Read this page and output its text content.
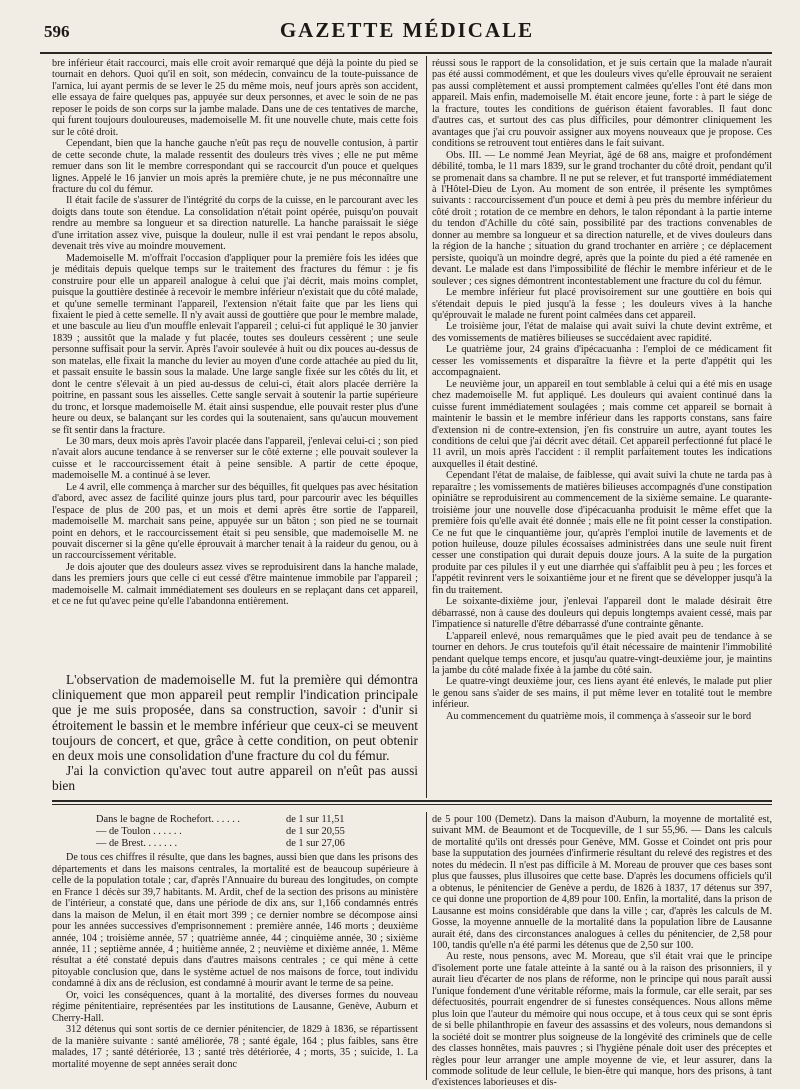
596	GAZETTE MÉDICALE

bre inférieur était raccourci, mais elle croit avoir remarqué que déjà la pointe du pied se tournait en dehors. Quoi qu'il en soit, son médecin, convaincu de la toute-puissance de l'arnica, lui ayant permis de se lever le 25 du même mois, neuf jours après son accident, elle essaya de faire quelques pas, appuyée sur deux personnes, et avec le soin de ne pas reposer le poids de son corps sur la jambe malade. Dans une de ces tentatives de marche, qui furent toujours douloureuses, mademoiselle M. fit une nouvelle chute, mais cette fois sur le côté droit.

Cependant, bien que la hanche gauche n'eût pas reçu de nouvelle contusion, à partir de cette seconde chute, la malade ressentit des douleurs très vives ; elle ne put même remuer dans son lit le membre correspondant qui se raccourcit d'un pouce et quelques lignes. Appelé le 16 janvier un mois après la première chute, je ne pus méconnaître une fracture du col du fémur.

Il était facile de s'assurer de l'intégrité du corps de la cuisse, en le parcourant avec les doigts dans toute son étendue. La consolidation n'était point opérée, puisqu'on pouvait rendre au membre sa longueur et sa direction naturelle. La hanche paraissait le siége d'une irritation assez vive, puisque la douleur, nulle il est vrai pendant le repos absolu, devenait très vive au moindre mouvement.

Mademoiselle M. m'offrait l'occasion d'appliquer pour la première fois les idées que je méditais depuis quelque temps sur le traitement des fractures du fémur : je fis construire pour elle un appareil analogue à celui que j'ai décrit, mais moins complet, puisque la gouttière destinée à recevoir le membre inférieur n'existait que du côté malade, et qu'une semelle terminant l'appareil, l'extension n'était faite que par les liens qui fixaient le pied à cette semelle. Il n'y avait aussi de gouttière que pour le membre malade, et une bascule au lieu d'un mouffle enlevait l'appareil ; celui-ci fut appliqué le 30 janvier 1839 ; aussitôt que la malade y fut placée, toutes ses douleurs cessèrent ; une seule personne suffisait pour la servir. Après l'avoir soulevée à huit ou dix pouces au-dessus de son matelas, elle fixait la manche du levier au moyen d'une corde attachée au pied du lit, et passait ensuite le bassin sous la malade. Une large sangle fixée sur les côtés du lit, et dont le centre s'élevait à un pied au-dessus de celui-ci, était alors placée derrière la poitrine, en passant sous les aisselles. Cette sangle servait à soutenir la partie supérieure du tronc, et lorsque mademoiselle M. était ainsi suspendue, elle pouvait rester plus d'une heure ou deux, se balançant sur les cordes qui la soutenaient, sans qu'aucun mouvement se fît sentir dans la fracture.

Le 30 mars, deux mois après l'avoir placée dans l'appareil, j'enlevai celui-ci ; son pied n'avait alors aucune tendance à se renverser sur le côté externe ; elle pouvait soulever la cuisse et le raccourcissement était à peine sensible. A partir de cette époque, mademoiselle M. a continué à se lever.

Le 4 avril, elle commença à marcher sur des béquilles, fit quelques pas avec hésitation d'abord, avec assez de facilité quinze jours plus tard, pour parcourir avec les béquilles l'espace de plus de 200 pas, et un mois et demi après être sortie de l'appareil, mademoiselle M. marchait sans peine, appuyée sur un bâton ; son pied ne se tournait point en dehors, et le raccourcissement était si peu sensible, que mademoiselle M. ne pouvait discerner si la gêne qu'elle éprouvait à marcher tenait à la raideur du genou, ou à un raccourcissement véritable.

Je dois ajouter que des douleurs assez vives se reproduisirent dans la hanche malade, dans les premiers jours que celle ci eut cessé d'être maintenue immobile par l'appareil ; mademoiselle M. calmait immédiatement ses douleurs en se replaçant dans cet appareil, et ce ne fut qu'avec peine qu'elle l'abandonna entièrement.

L'observation de mademoiselle M. fut la première qui démontra cliniquement que mon appareil peut remplir l'indication principale que je me suis proposée, dans sa construction, savoir : d'unir si étroitement le bassin et le membre inférieur que ceux-ci se meuvent toujours de concert, et que, grâce à cette condition, on peut obtenir en deux mois une consolidation d'une fracture du col du fémur.

J'ai la conviction qu'avec tout autre appareil on n'eût pas aussi bien

réussi sous le rapport de la consolidation, et je suis certain que la malade n'aurait pas été aussi commodément, et que les douleurs vives qu'elle éprouvait ne seraient pas aussi complètement et aussi promptement calmées qu'elles l'ont été dans mon appareil. Mais enfin, mademoiselle M. était encore jeune, forte : à part le siége de la fracture, toutes les conditions de guérison étaient favorables. Il faut donc d'autres cas, et surtout des cas plus difficiles, pour démontrer cliniquement les avantages que j'ai cru pouvoir assigner aux moyens nouveaux que je propose. Ces conditions se retrouvent tout entières dans le fait suivant.

Obs. III. — Le nommé Jean Meyriat, âgé de 68 ans, maigre et profondément débilité, tomba, le 11 mars 1839, sur le grand trochanter du côté droit, pendant qu'il se promenait dans sa chambre. Il ne put se relever, et fut transporté immédiatement à l'Hôtel-Dieu de Lyon. Au moment de son entrée, il présente les symptômes suivants : raccourcissement d'un pouce et demi à peu près du membre inférieur du côté droit ; rotation de ce membre en dehors, le talon répondant à la partie interne du tendon d'Achille du côté sain, possibilité par des tractions convenables de donner au membre sa longueur et sa direction naturelle, et de vives douleurs dans la région de la hanche ; situation du grand trochanter en arrière ; ce déplacement persiste, quoiqu'à un moindre degré, après que la pointe du pied a été ramenée en devant. Le malade est dans l'impossibilité de fléchir le membre inférieur et de le soulever ; ces signes démontrent incontestablement une fracture du col du fémur.

Le membre inférieur fut placé provisoirement sur une gouttière en bois qui s'étendait depuis le pied jusqu'à la fesse ; les douleurs vives à la hanche qu'éprouvait le malade ne furent point calmées dans cet appareil.

Le troisième jour, l'état de malaise qui avait suivi la chute devint extrême, et des vomissements de matières bilieuses se succédaient avec rapidité.

Le quatrième jour, 24 grains d'ipécacuanha : l'emploi de ce médicament fit cesser les vomissements et disparaître la fièvre et la perte d'appétit qui les accompagnaient.

Le neuvième jour, un appareil en tout semblable à celui qui a été mis en usage chez mademoiselle M. fut appliqué. Les douleurs qui avaient continué dans la cuisse furent immédiatement soulagées ; mais comme cet appareil se bornait à maintenir le bassin et le membre inférieur dans les rapports constans, sans faire d'extension ni de contre-extension, j'en fis construire un autre, ayant toutes les conditions de celui que j'ai décrit avec détail. Cet appareil perfectionné fut placé le 11 avril, un mois après l'accident : il remplit parfaitement toutes les indications auxquelles il était destiné.

Cependant l'état de malaise, de faiblesse, qui avait suivi la chute ne tarda pas à reparaître ; les vomissements de matières bilieuses accompagnés d'une constipation opiniâtre se reproduisirent au commencement de la sixième semaine. Le quarante-troisième jour une nouvelle dose d'ipécacuanha produisit le même effet que la première fois qu'elle avait été donnée ; mais elle ne fit point cesser la constipation. Ce ne fut que le cinquantième jour, qu'après l'emploi inutile de lavements et de potion huileuse, douze pilules écossaises administrées dans une seule nuit firent cesser une constipation qui durait depuis douze jours. A la suite de la purgation produite par ces pilules il y eut une diarrhée qui s'affaiblit peu à peu ; les forces et l'appétit revinrent vers le soixantième jour et ne firent que se développer jusqu'à la fin du traitement.

Le soixante-dixième jour, j'enlevai l'appareil dont le malade désirait être débarrassé, non à cause des douleurs qui depuis longtemps avaient cessé, mais par l'impatience si naturelle d'être débarrassé d'une contrainte gênante.

L'appareil enlevé, nous remarquâmes que le pied avait peu de tendance à se tourner en dehors. Je crus toutefois qu'il était nécessaire de maintenir l'immobilité pendant quelque temps encore, et jusqu'au quatre-vingt-deuxième jour, je maintins la jambe du côté malade fixée à la jambe du côté sain.

Le quatre-vingt deuxième jour, ces liens ayant été enlevés, le malade put plier le genou sans s'aider de ses mains, il put même lever en totalité tout le membre inférieur.

Au commencement du quatrième mois, il commença à s'asseoir sur le bord

Dans le bagne de Rochefort. . . . . .	de 1 sur 11,51
— de Toulon . . . . . .	de 1 sur 20,55
— de Brest. . . . . . .	de 1 sur 27,06

De tous ces chiffres il résulte, que dans les bagnes, aussi bien que dans les prisons des départements et dans les maisons centrales, la mortalité est de beaucoup supérieure à celle de la population totale ; car, d'après l'Annuaire du bureau des longitudes, on compte en France 1 décès sur 39,7 habitants. M. Ardit, chef de la section des prisons au ministère de l'intérieur, a constaté que, dans une période de dix ans, sur 1,166 condamnés entrés dans la maison de Melun, il en était mort 399 ; ce dernier nombre se décompose ainsi pour les années successives d'emprisonnement : première année, 146 morts ; deuxième année, 104 ; troisième année, 57 ; quatrième année, 44 ; cinquième année, 30 ; sixième année, 11 ; septième année, 4 ; huitième année, 2 ; neuvième et dixième année, 1. Même résultat a été constaté depuis dans d'autres maisons centrales ; ce qui mène à cette pitoyable conclusion que, dans le système actuel de nos maisons de force, tout individu condamné à dix ans de réclusion, est condamné à mourir avant le terme de sa peine.

Or, voici les conséquences, quant à la mortalité, des diverses formes du nouveau régime pénitentiaire, représentées par les institutions de Lausanne, Genève, Auburn et Cherry-Hall.

312 détenus qui sont sortis de ce dernier pénitencier, de 1829 à 1836, se répartissent de la manière suivante : santé améliorée, 78 ; santé égale, 164 ; plus faibles, sans être malades, 17 ; santé détériorée, 13 ; santé très détériorée, 4 ; morts, 35 ; suicide, 1. La mortalité moyenne de sept années serait donc

de 5 pour 100 (Demetz). Dans la maison d'Auburn, la moyenne de mortalité est, suivant MM. de Beaumont et de Tocqueville, de 1 sur 55,96. — Dans les calculs de mortalité qu'ils ont dressés pour Genève, MM. Gosse et Coindet ont pris pour base la supputation des journées d'infirmerie résultant du relevé des registres et des notes du médecin. Il n'est pas difficile à M. Moreau de prouver que ces bases sont plus que fausses, plus illusoires que cette base. D'après les documens officiels qu'il a obtenus, le pénitencier de Genève a perdu, de 1826 à 1837, 17 détenus sur 397, ce qui donne une proportion de 4,89 pour 100. Enfin, la mortalité, dans la prison de Lausanne est moins considérable que dans la ville ; car, d'après les calculs de M. Gosse, la moyenne annuelle de la mortalité dans la population libre de Lausanne aurait été, dans des circonstances analogues à celles du pénitencier, de 2,58 pour 100, tandis qu'elle n'a été parmi les détenus que de 2,50 sur 100.

Au reste, nous pensons, avec M. Moreau, que s'il était vrai que le principe d'isolement porte une fatale atteinte à la santé ou à la raison des prisonniers, il y aurait lieu d'écarter de nos plans de réforme, non le principe qui nous paraît aussi l'unique fondement d'une véritable réforme, mais la formule, car elle serait, par ses défectuosités, pourrait engendrer de si funestes conséquences. Nous allons même plus loin que l'auteur du mémoire qui nous occupe, et à tous ceux qui se sont épris de si belle philanthropie en faveur des assassins et des voleurs, nous demandons si la société doit se montrer plus soigneuse de la longévité des criminels que de celle des classes honnêtes, mais pauvres ; si l'hygiène pénale doit user des préceptes et règles pour leur arranger une ample moyenne de vie, et leur assurer, dans la commode solitude de leur cellule, le bien-être qui manque, hors des prisons, à tant d'existences laborieuses et dis-
